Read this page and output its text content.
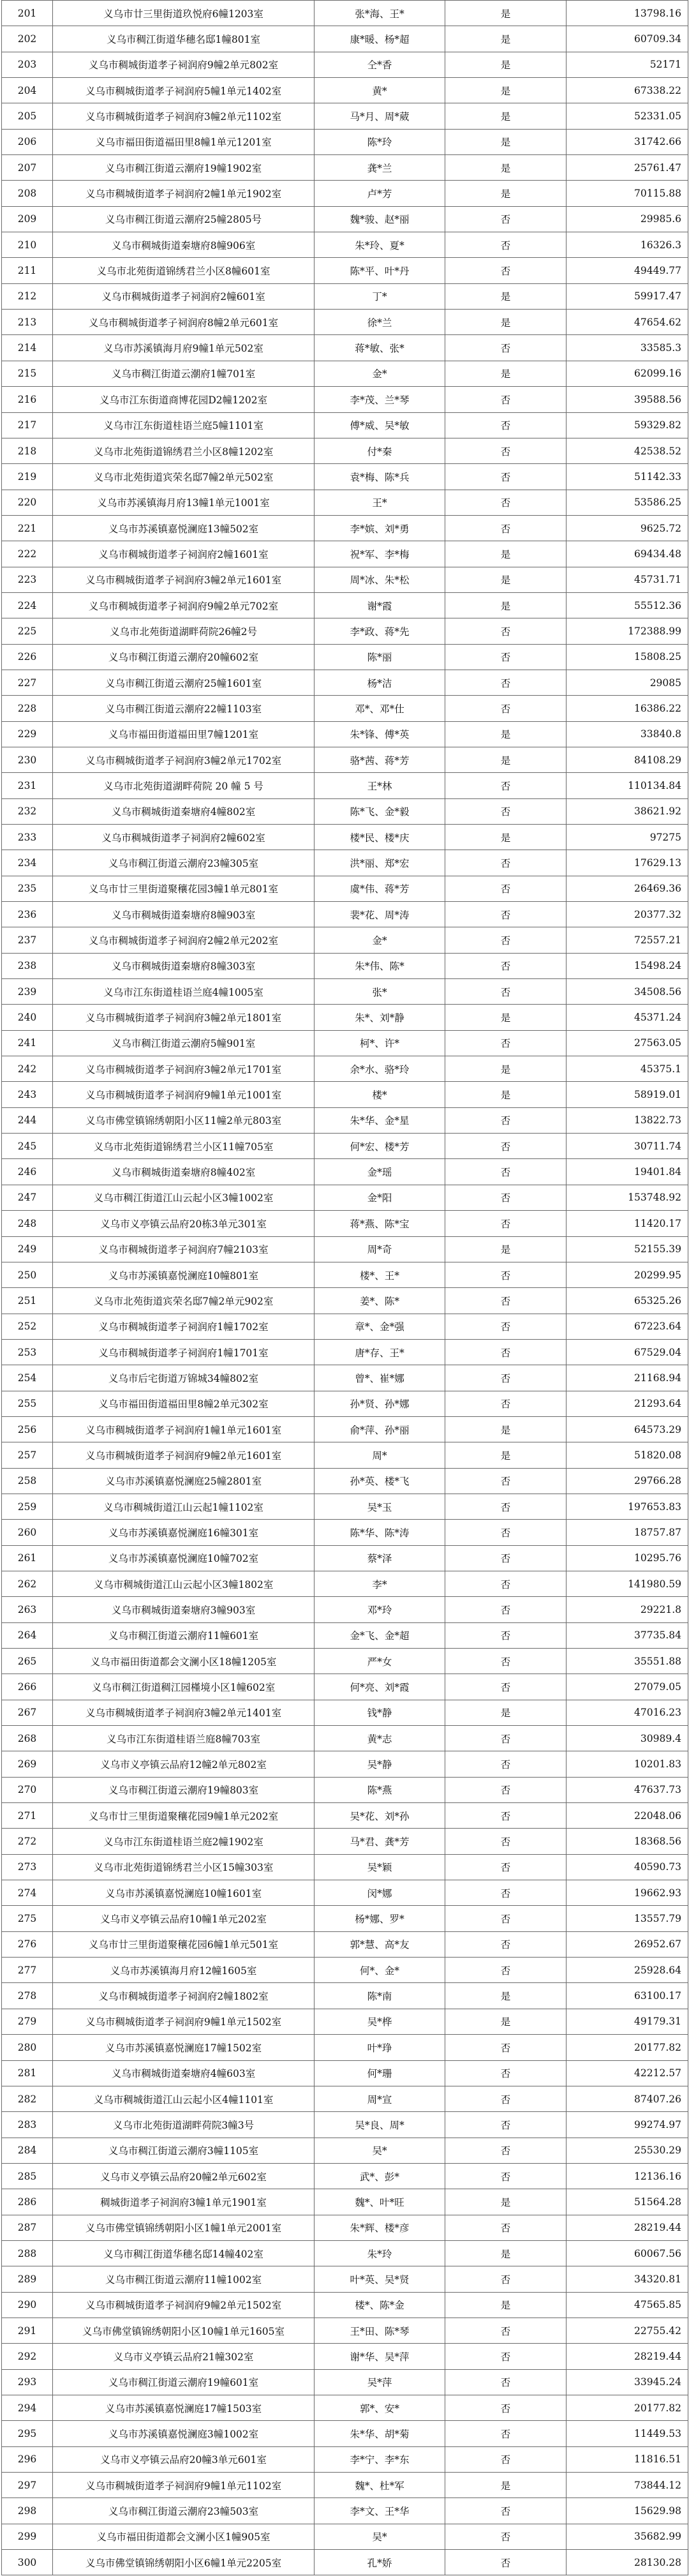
201	义乌市廿三里街道玖悦府6幢1203室	张*海、王*	是	13798.16
202	义乌市稠江街道华穗名邸1幢801室	康*暖、杨*超	是	60709.34
203	义乌市稠城街道孝子祠润府9幢2单元802室	仝*香	是	52171
204	义乌市稠城街道孝子祠润府5幢1单元1402室	黄*	是	67338.22
205	义乌市稠城街道孝子祠润府3幢2单元1102室	马*月、周*葳	是	52331.05
206	义乌市福田街道福田里8幢1单元1201室	陈*玲	是	31742.66
207	义乌市稠江街道云潮府19幢1902室	龚*兰	是	25761.47
208	义乌市稠城街道孝子祠润府2幢1单元1902室	卢*芳	是	70115.88
209	义乌市稠江街道云潮府25幢2805号	魏*骏、赵*丽	否	29985.6
210	义乌市稠城街道秦塘府8幢906室	朱*玲、夏*	否	16326.3
211	义乌市北苑街道锦绣君兰小区8幢601室	陈*平、叶*丹	否	49449.77
212	义乌市稠城街道孝子祠润府2幢601室	丁*	是	59917.47
213	义乌市稠城街道孝子祠润府8幢2单元601室	徐*兰	是	47654.62
214	义乌市苏溪镇海月府9幢1单元502室	蒋*敏、张*	否	33585.3
215	义乌市稠江街道云潮府1幢701室	金*	是	62099.16
216	义乌市江东街道商博花园D2幢1202室	李*茂、兰*琴	否	39588.56
217	义乌市江东街道桂语兰庭5幢1101室	傅*威、吴*敏	否	59329.82
218	义乌市北苑街道锦绣君兰小区8幢1202室	付*秦	否	42538.52
219	义乌市北苑街道宾荣名邸7幢2单元502室	袁*梅、陈*兵	否	51142.33
220	义乌市苏溪镇海月府13幢1单元1001室	王*	否	53586.25
221	义乌市苏溪镇嘉悦澜庭13幢502室	李*嫔、刘*勇	否	9625.72
222	义乌市稠城街道孝子祠润府2幢1601室	祝*军、李*梅	是	69434.48
223	义乌市稠城街道孝子祠润府3幢2单元1601室	周*冰、朱*松	是	45731.71
224	义乌市稠城街道孝子祠润府9幢2单元702室	谢*霞	是	55512.36
225	义乌市北苑街道湖畔荷院26幢2号	李*政、蒋*先	否	172388.99
226	义乌市稠江街道云潮府20幢602室	陈*丽	否	15808.25
227	义乌市稠江街道云潮府25幢1601室	杨*洁	否	29085
228	义乌市稠江街道云潮府22幢1103室	邓*、邓*仕	否	16386.22
229	义乌市福田街道福田里7幢1201室	朱*锋、傅*英	是	33840.8
230	义乌市稠城街道孝子祠润府3幢2单元1702室	骆*茜、蒋*芳	是	84108.29
231	义乌市北苑街道湖畔荷院 20 幢 5 号	王*林	否	110134.84
232	义乌市稠城街道秦塘府4幢802室	陈*飞、金*毅	否	38621.92
233	义乌市稠城街道孝子祠润府2幢602室	楼*民、楼*庆	是	97275
234	义乌市稠江街道云潮府23幢305室	洪*丽、郑*宏	否	17629.13
235	义乌市廿三里街道聚穰花园3幢1单元801室	虞*伟、蒋*芳	否	26469.36
236	义乌市稠城街道秦塘府8幢903室	裴*花、周*涛	否	20377.32
237	义乌市稠城街道孝子祠润府2幢2单元202室	金*	否	72557.21
238	义乌市稠城街道秦塘府8幢303室	朱*伟、陈*	否	15498.24
239	义乌市江东街道桂语兰庭4幢1005室	张*	否	34508.56
240	义乌市稠城街道孝子祠润府3幢2单元1801室	朱*、刘*静	是	45371.24
241	义乌市稠江街道云潮府5幢901室	柯*、许*	否	27563.05
242	义乌市稠城街道孝子祠润府3幢2单元1701室	余*水、骆*玲	是	45375.1
243	义乌市稠城街道孝子祠润府9幢1单元1001室	楼*	是	58919.01
244	义乌市佛堂镇锦绣朝阳小区11幢2单元803室	朱*华、金*星	否	13822.73
245	义乌市北苑街道锦绣君兰小区11幢705室	何*宏、楼*芳	否	30711.74
246	义乌市稠城街道秦塘府8幢402室	金*瑶	否	19401.84
247	义乌市稠江街道江山云起小区3幢1002室	金*阳	否	153748.92
248	义乌市义亭镇云品府20栋3单元301室	蒋*燕、陈*宝	否	11420.17
249	义乌市稠城街道孝子祠润府7幢2103室	周*奇	是	52155.39
250	义乌市苏溪镇嘉悦澜庭10幢801室	楼*、王*	否	20299.95
251	义乌市北苑街道宾荣名邸7幢2单元902室	姜*、陈*	否	65325.26
252	义乌市稠城街道孝子祠润府1幢1702室	章*、金*强	否	67223.64
253	义乌市稠城街道孝子祠润府1幢1701室	唐*存、王*	否	67529.04
254	义乌市后宅街道万锦城34幢802室	曾*、崔*娜	否	21168.94
255	义乌市福田街道福田里8幢2单元302室	孙*贤、孙*娜	否	21293.64
256	义乌市稠城街道孝子祠润府1幢1单元1601室	俞*萍、孙*丽	是	64573.29
257	义乌市稠城街道孝子祠润府9幢2单元1601室	周*	是	51820.08
258	义乌市苏溪镇嘉悦澜庭25幢2801室	孙*英、楼*飞	否	29766.28
259	义乌市稠城街道江山云起1幢1102室	吴*玉	否	197653.83
260	义乌市苏溪镇嘉悦澜庭16幢301室	陈*华、陈*涛	否	18757.87
261	义乌市苏溪镇嘉悦澜庭10幢702室	蔡*泽	否	10295.76
262	义乌市稠城街道江山云起小区3幢1802室	李*	否	141980.59
263	义乌市稠城街道秦塘府3幢903室	邓*玲	否	29221.8
264	义乌市稠江街道云潮府11幢601室	金*飞、金*超	否	37735.84
265	义乌市福田街道都会文澜小区18幢1205室	严*女	否	35551.88
266	义乌市稠江街道稠江园槿境小区1幢602室	何*亮、刘*霞	否	27079.05
267	义乌市稠城街道孝子祠润府3幢2单元1401室	钱*静	是	47016.23
268	义乌市江东街道桂语兰庭8幢703室	黄*志	否	30989.4
269	义乌市义亭镇云品府12幢2单元802室	吴*静	否	10201.83
270	义乌市稠江街道云潮府19幢803室	陈*燕	否	47637.73
271	义乌市廿三里街道聚穰花园9幢1单元202室	吴*花、刘*孙	否	22048.06
272	义乌市江东街道桂语兰庭2幢1902室	马*君、龚*芳	否	18368.56
273	义乌市北苑街道锦绣君兰小区15幢303室	吴*颖	否	40590.73
274	义乌市苏溪镇嘉悦澜庭10幢1601室	闵*娜	否	19662.93
275	义乌市义亭镇云品府10幢1单元202室	杨*娜、罗*	否	13557.79
276	义乌市廿三里街道聚穰花园6幢1单元501室	郭*慧、高*友	否	26952.67
277	义乌市苏溪镇海月府12幢1605室	何*、金*	否	25928.64
278	义乌市稠城街道孝子祠润府2幢1802室	陈*南	是	63100.17
279	义乌市稠城街道孝子祠润府9幢1单元1502室	吴*桦	是	49179.31
280	义乌市苏溪镇嘉悦澜庭17幢1502室	叶*琤	否	20177.82
281	义乌市稠城街道秦塘府4幢603室	何*珊	否	42212.57
282	义乌市稠城街道江山云起小区4幢1101室	周*宣	否	87407.26
283	义乌市北苑街道湖畔荷院3幢3号	吴*良、周*	否	99274.97
284	义乌市稠江街道云潮府3幢1105室	吴*	否	25530.29
285	义乌市义亭镇云品府20幢2单元602室	武*、彭*	否	12136.16
286	稠城街道孝子祠润府3幢1单元1901室	魏*、叶*旺	是	51564.28
287	义乌市佛堂镇锦绣朝阳小区1幢1单元2001室	朱*辉、楼*彦	否	28219.44
288	义乌市稠江街道华穗名邸14幢402室	朱*玲	是	60067.56
289	义乌市稠江街道云潮府11幢1002室	叶*英、吴*贤	否	34320.81
290	义乌市稠城街道孝子祠润府9幢2单元1502室	楼*、陈*金	是	47565.85
291	义乌市佛堂镇锦绣朝阳小区10幢1单元1605室	王*田、陈*琴	否	22755.42
292	义乌市义亭镇云品府21幢302室	谢*华、吴*萍	否	28219.44
293	义乌市稠江街道云潮府19幢601室	吴*萍	否	33945.24
294	义乌市苏溪镇嘉悦澜庭17幢1503室	郭*、安*	否	20177.82
295	义乌市苏溪镇嘉悦澜庭3幢1002室	朱*华、胡*菊	否	11449.53
296	义乌市义亭镇云品府20幢3单元601室	李*宁、李*东	否	11816.51
297	义乌市稠城街道孝子祠润府9幢1单元1102室	魏*、杜*军	是	73844.12
298	义乌市稠江街道云潮府23幢503室	李*文、王*华	否	15629.98
299	义乌市福田街道都会文澜小区1幢905室	吴*	否	35682.99
300	义乌市佛堂镇锦绣朝阳小区6幢1单元2205室	孔*娇	否	28130.28
